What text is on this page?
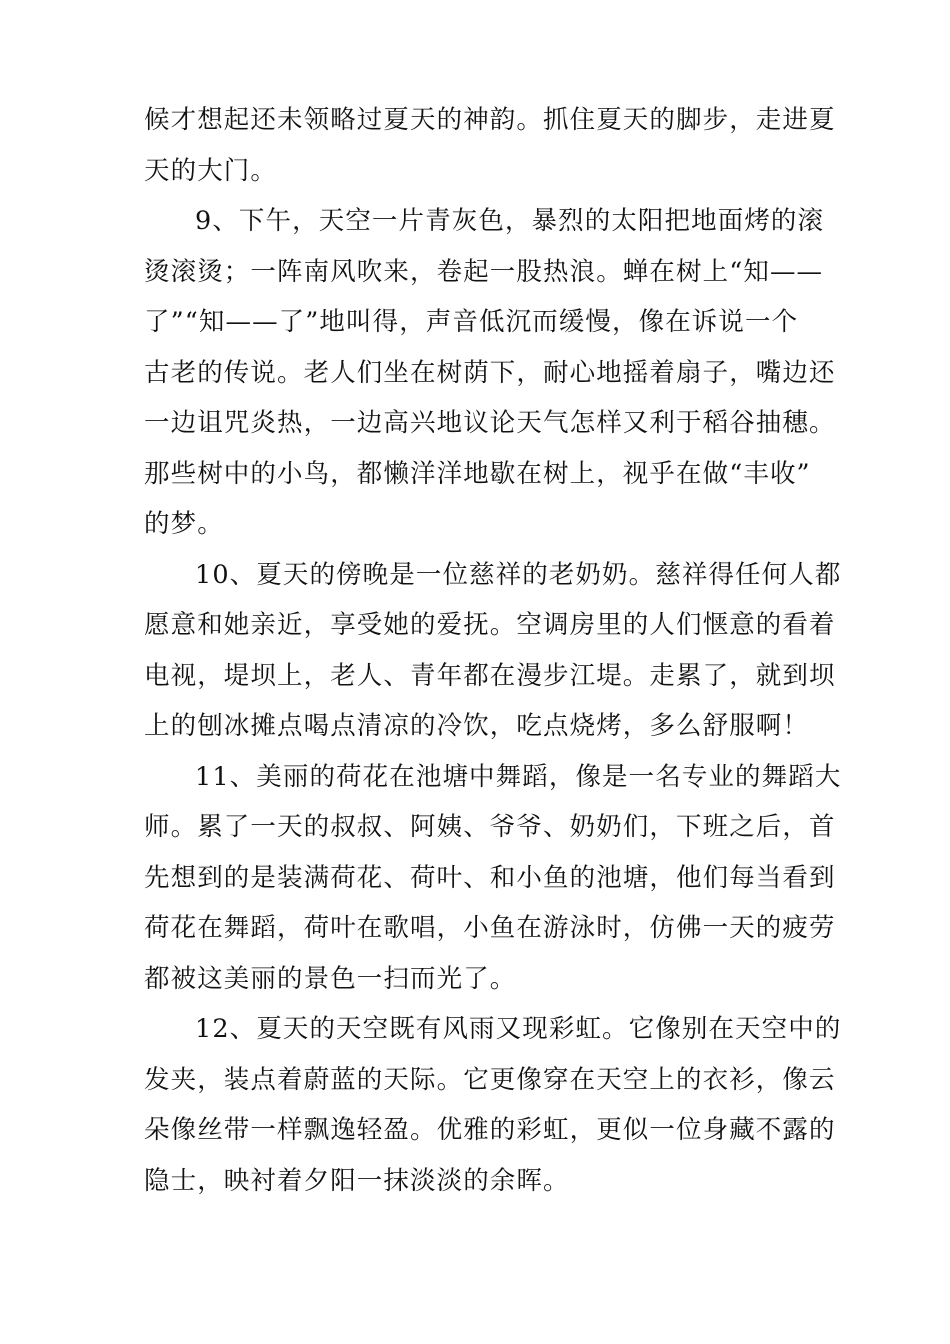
候才想起还未领略过夏天的神韵。抓住夏天的脚步，走进夏
天的大门。
9、下午，天空一片青灰色，暴烈的太阳把地面烤的滚
烫滚烫；一阵南风吹来，卷起一股热浪。蝉在树上“知——
了”“知——了”地叫得，声音低沉而缓慢，像在诉说一个
古老的传说。老人们坐在树荫下，耐心地摇着扇子，嘴边还
一边诅咒炎热，一边高兴地议论天气怎样又利于稻谷抽穗。
那些树中的小鸟，都懒洋洋地歇在树上，视乎在做“丰收”
的梦。
10、夏天的傍晚是一位慈祥的老奶奶。慈祥得任何人都
愿意和她亲近，享受她的爱抚。空调房里的人们惬意的看着
电视，堤坝上，老人、青年都在漫步江堤。走累了，就到坝
上的刨冰摊点喝点清凉的冷饮，吃点烧烤，多么舒服啊！
11、美丽的荷花在池塘中舞蹈，像是一名专业的舞蹈大
师。累了一天的叔叔、阿姨、爷爷、奶奶们，下班之后，首
先想到的是装满荷花、荷叶、和小鱼的池塘，他们每当看到
荷花在舞蹈，荷叶在歌唱，小鱼在游泳时，仿佛一天的疲劳
都被这美丽的景色一扫而光了。
12、夏天的天空既有风雨又现彩虹。它像别在天空中的
发夹，装点着蔚蓝的天际。它更像穿在天空上的衣衫，像云
朵像丝带一样飘逸轻盈。优雅的彩虹，更似一位身藏不露的
隐士，映衬着夕阳一抹淡淡的余晖。
